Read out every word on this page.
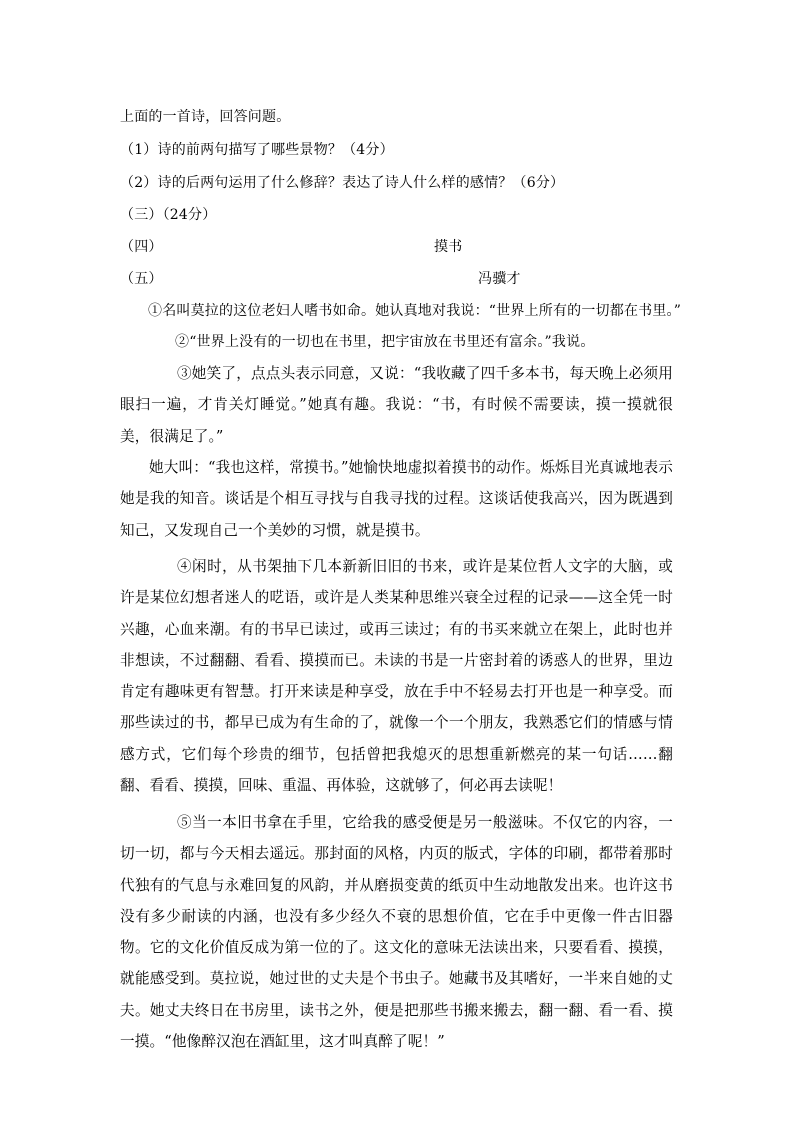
上面的一首诗，回答问题。
（1）诗的前两句描写了哪些景物？（4分）
（2）诗的后两句运用了什么修辞？表达了诗人什么样的感情？（6分）
（三）（24分）
（四）	摸书
（五）	冯骥才
①名叫莫拉的这位老妇人嗜书如命。她认真地对我说：“世界上所有的一切都在书里。”
②“世界上没有的一切也在书里，把宇宙放在书里还有富余。”我说。
③她笑了，点点头表示同意，又说：“我收藏了四千多本书，每天晚上必须用眼扫一遍，才肯关灯睡觉。”她真有趣。我说：“书，有时候不需要读，摸一摸就很美，很满足了。”
她大叫：“我也这样，常摸书。”她愉快地虚拟着摸书的动作。烁烁目光真诚地表示她是我的知音。谈话是个相互寻找与自我寻找的过程。这谈话使我高兴，因为既遇到知己，又发现自己一个美妙的习惯，就是摸书。
④闲时，从书架抽下几本新新旧旧的书来，或许是某位哲人文字的大脑，或许是某位幻想者迷人的呓语，或许是人类某种思维兴衰全过程的记录——这全凭一时兴趣，心血来潮。有的书早已读过，或再三读过；有的书买来就立在架上，此时也并非想读，不过翻翻、看看、摸摸而已。未读的书是一片密封着的诱惑人的世界，里边肯定有趣味更有智慧。打开来读是种享受，放在手中不轻易去打开也是一种享受。而那些读过的书，都早已成为有生命的了，就像一个一个朋友，我熟悉它们的情感与情感方式，它们每个珍贵的细节，包括曾把我熄灭的思想重新燃亮的某一句话……翻翻、看看、摸摸，回味、重温、再体验，这就够了，何必再去读呢！
⑤当一本旧书拿在手里，它给我的感受便是另一般滋味。不仅它的内容，一切一切，都与今天相去遥远。那封面的风格，内页的版式，字体的印刷，都带着那时代独有的气息与永难回复的风韵，并从磨损变黄的纸页中生动地散发出来。也许这书没有多少耐读的内涵，也没有多少经久不衰的思想价值，它在手中更像一件古旧器物。它的文化价值反成为第一位的了。这文化的意味无法读出来，只要看看、摸摸，就能感受到。莫拉说，她过世的丈夫是个书虫子。她藏书及其嗜好，一半来自她的丈夫。她丈夫终日在书房里，读书之外，便是把那些书搬来搬去，翻一翻、看一看、摸一摸。“他像醉汉泡在酒缸里，这才叫真醉了呢！”
